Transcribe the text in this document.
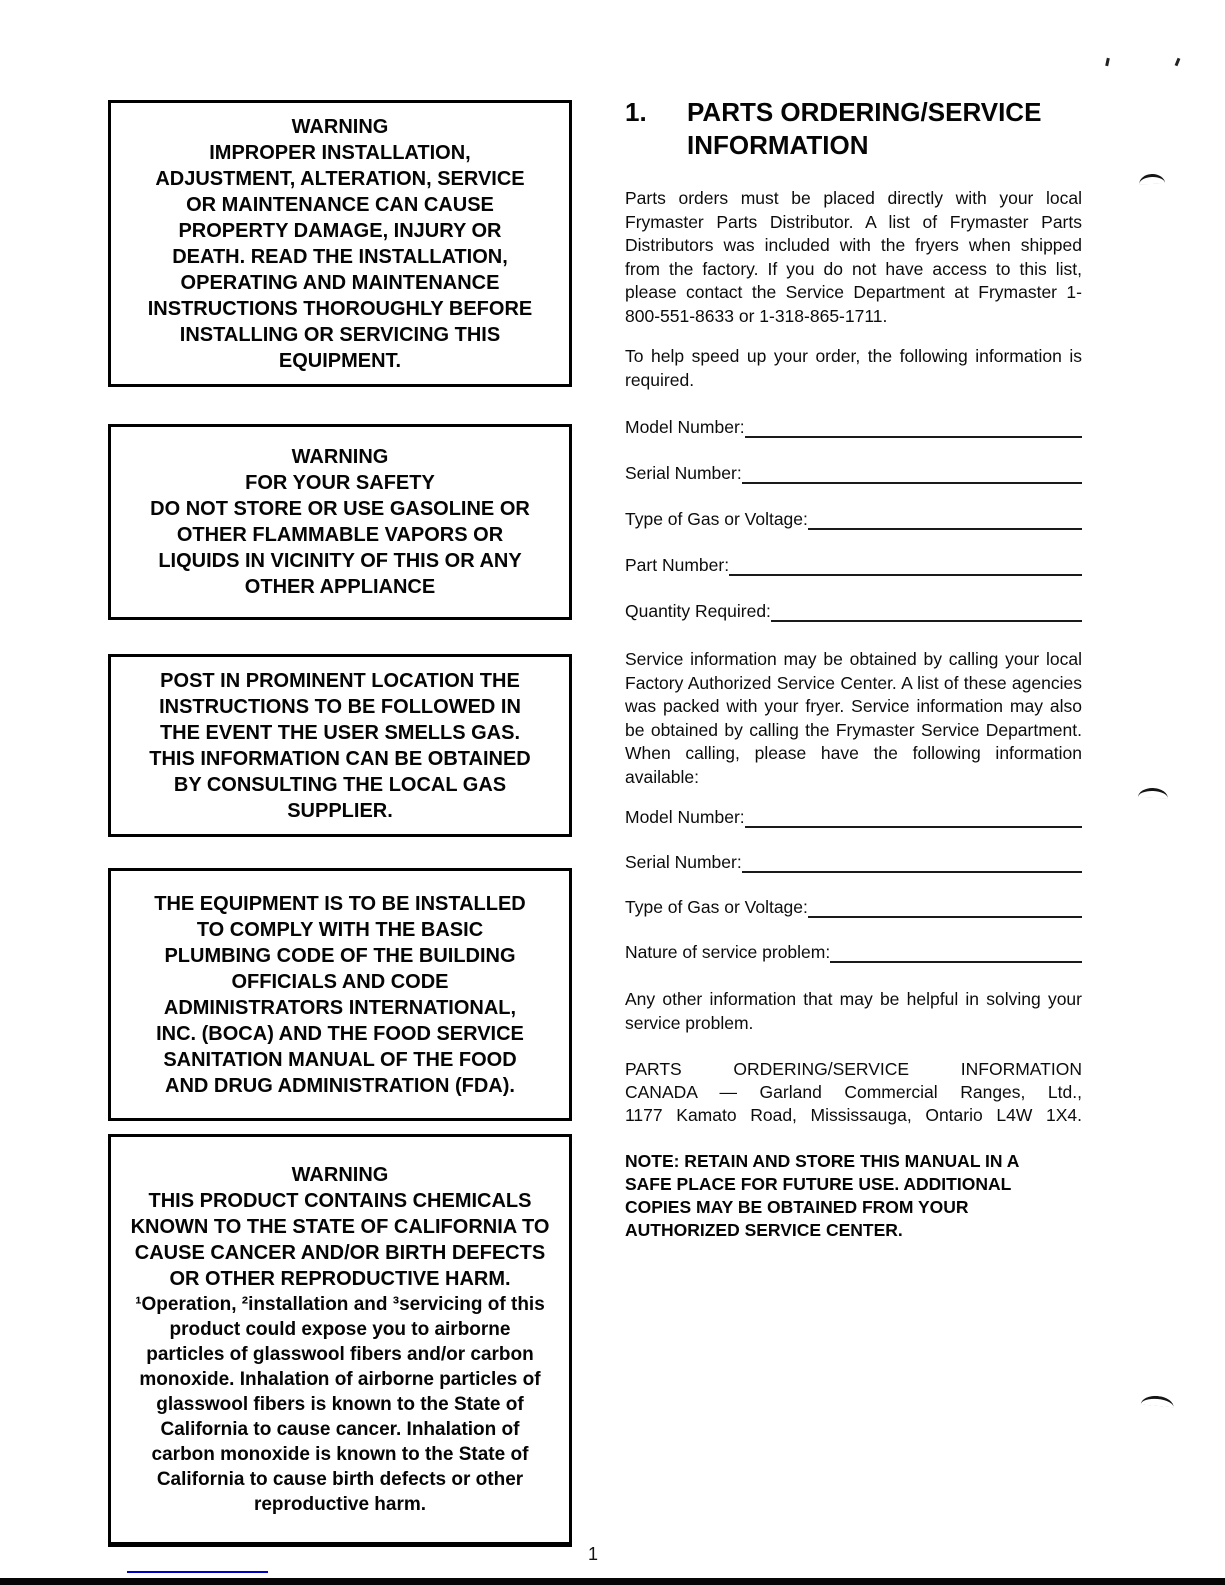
WARNING
IMPROPER INSTALLATION,
ADJUSTMENT, ALTERATION, SERVICE
OR MAINTENANCE CAN CAUSE
PROPERTY DAMAGE, INJURY OR
DEATH. READ THE INSTALLATION,
OPERATING AND MAINTENANCE
INSTRUCTIONS THOROUGHLY BEFORE
INSTALLING OR SERVICING THIS
EQUIPMENT.
WARNING
FOR YOUR SAFETY
DO NOT STORE OR USE GASOLINE OR
OTHER FLAMMABLE VAPORS OR
LIQUIDS IN VICINITY OF THIS OR ANY
OTHER APPLIANCE
POST IN PROMINENT LOCATION THE
INSTRUCTIONS TO BE FOLLOWED IN
THE EVENT THE USER SMELLS GAS.
THIS INFORMATION CAN BE OBTAINED
BY CONSULTING THE LOCAL GAS
SUPPLIER.
THE EQUIPMENT IS TO BE INSTALLED
TO COMPLY WITH THE BASIC
PLUMBING CODE OF THE BUILDING
OFFICIALS AND CODE
ADMINISTRATORS INTERNATIONAL,
INC. (BOCA) AND THE FOOD SERVICE
SANITATION MANUAL OF THE FOOD
AND DRUG ADMINISTRATION (FDA).
WARNING
THIS PRODUCT CONTAINS CHEMICALS
KNOWN TO THE STATE OF CALIFORNIA TO
CAUSE CANCER AND/OR BIRTH DEFECTS
OR OTHER REPRODUCTIVE HARM.
¹Operation, ²installation and ³servicing of this
product could expose you to airborne
particles of glasswool fibers and/or carbon
monoxide. Inhalation of airborne particles of
glasswool fibers is known to the State of
California to cause cancer. Inhalation of
carbon monoxide is known to the State of
California to cause birth defects or other
reproductive harm.
1.	PARTS ORDERING/SERVICE
INFORMATION
Parts orders must be placed directly with your local Frymaster Parts Distributor. A list of Frymaster Parts Distributors was included with the fryers when shipped from the factory. If you do not have access to this list, please contact the Service Department at Frymaster 1-800-551-8633 or 1-318-865-1711.
To help speed up your order, the following information is required.
Model Number:
Serial Number:
Type of Gas or Voltage:
Part Number:
Quantity Required:
Service information may be obtained by calling your local Factory Authorized Service Center. A list of these agencies was packed with your fryer. Service information may also be obtained by calling the Frymaster Service Department. When calling, please have the following information available:
Model Number:
Serial Number:
Type of Gas or Voltage:
Nature of service problem:
Any other information that may be helpful in solving your service problem.
PARTS ORDERING/SERVICE INFORMATION
CANADA — Garland Commercial Ranges, Ltd.,
1177 Kamato Road, Mississauga, Ontario L4W 1X4.
NOTE: RETAIN AND STORE THIS MANUAL IN A
SAFE PLACE FOR FUTURE USE. ADDITIONAL
COPIES MAY BE OBTAINED FROM YOUR
AUTHORIZED SERVICE CENTER.
1
